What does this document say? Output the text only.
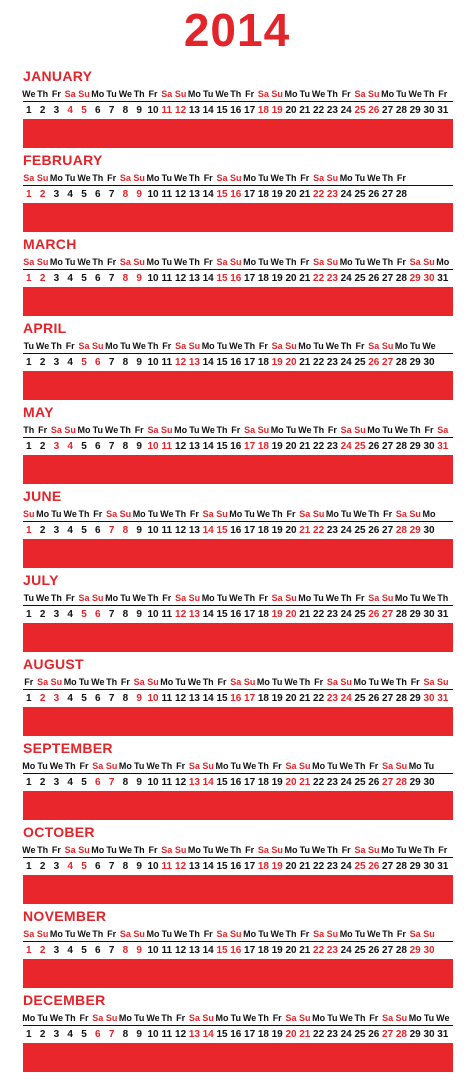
2014
JANUARY
We Th Fr Sa Su Mo Tu We Th Fr Sa Su Mo Tu We Th Fr Sa Su Mo Tu We Th Fr Sa Su Mo Tu We Th Fr
1 2 3 4 5 6 7 8 9 10 11 12 13 14 15 16 17 18 19 20 21 22 23 24 25 26 27 28 29 30 31
FEBRUARY
Sa Su Mo Tu We Th Fr Sa Su Mo Tu We Th Fr Sa Su Mo Tu We Th Fr Sa Su Mo Tu We Th Fr
1 2 3 4 5 6 7 8 9 10 11 12 13 14 15 16 17 18 19 20 21 22 23 24 25 26 27 28
MARCH
Sa Su Mo Tu We Th Fr Sa Su Mo Tu We Th Fr Sa Su Mo Tu We Th Fr Sa Su Mo Tu We Th Fr Sa Su Mo
1 2 3 4 5 6 7 8 9 10 11 12 13 14 15 16 17 18 19 20 21 22 23 24 25 26 27 28 29 30 31
APRIL
Tu We Th Fr Sa Su Mo Tu We Th Fr Sa Su Mo Tu We Th Fr Sa Su Mo Tu We Th Fr Sa Su Mo Tu We
1 2 3 4 5 6 7 8 9 10 11 12 13 14 15 16 17 18 19 20 21 22 23 24 25 26 27 28 29 30
MAY
Th Fr Sa Su Mo Tu We Th Fr Sa Su Mo Tu We Th Fr Sa Su Mo Tu We Th Fr Sa Su Mo Tu We Th Fr Sa
1 2 3 4 5 6 7 8 9 10 11 12 13 14 15 16 17 18 19 20 21 22 23 24 25 26 27 28 29 30 31
JUNE
Su Mo Tu We Th Fr Sa Su Mo Tu We Th Fr Sa Su Mo Tu We Th Fr Sa Su Mo Tu We Th Fr Sa Su Mo
1 2 3 4 5 6 7 8 9 10 11 12 13 14 15 16 17 18 19 20 21 22 23 24 25 26 27 28 29 30
JULY
Tu We Th Fr Sa Su Mo Tu We Th Fr Sa Su Mo Tu We Th Fr Sa Su Mo Tu We Th Fr Sa Su Mo Tu We Th
1 2 3 4 5 6 7 8 9 10 11 12 13 14 15 16 17 18 19 20 21 22 23 24 25 26 27 28 29 30 31
AUGUST
Fr Sa Su Mo Tu We Th Fr Sa Su Mo Tu We Th Fr Sa Su Mo Tu We Th Fr Sa Su Mo Tu We Th Fr Sa Su
1 2 3 4 5 6 7 8 9 10 11 12 13 14 15 16 17 18 19 20 21 22 23 24 25 26 27 28 29 30 31
SEPTEMBER
Mo Tu We Th Fr Sa Su Mo Tu We Th Fr Sa Su Mo Tu We Th Fr Sa Su Mo Tu We Th Fr Sa Su Mo Tu
1 2 3 4 5 6 7 8 9 10 11 12 13 14 15 16 17 18 19 20 21 22 23 24 25 26 27 28 29 30
OCTOBER
We Th Fr Sa Su Mo Tu We Th Fr Sa Su Mo Tu We Th Fr Sa Su Mo Tu We Th Fr Sa Su Mo Tu We Th Fr
1 2 3 4 5 6 7 8 9 10 11 12 13 14 15 16 17 18 19 20 21 22 23 24 25 26 27 28 29 30 31
NOVEMBER
Sa Su Mo Tu We Th Fr Sa Su Mo Tu We Th Fr Sa Su Mo Tu We Th Fr Sa Su Mo Tu We Th Fr Sa Su
1 2 3 4 5 6 7 8 9 10 11 12 13 14 15 16 17 18 19 20 21 22 23 24 25 26 27 28 29 30
DECEMBER
Mo Tu We Th Fr Sa Su Mo Tu We Th Fr Sa Su Mo Tu We Th Fr Sa Su Mo Tu We Th Fr Sa Su Mo Tu We
1 2 3 4 5 6 7 8 9 10 11 12 13 14 15 16 17 18 19 20 21 22 23 24 25 26 27 28 29 30 31
